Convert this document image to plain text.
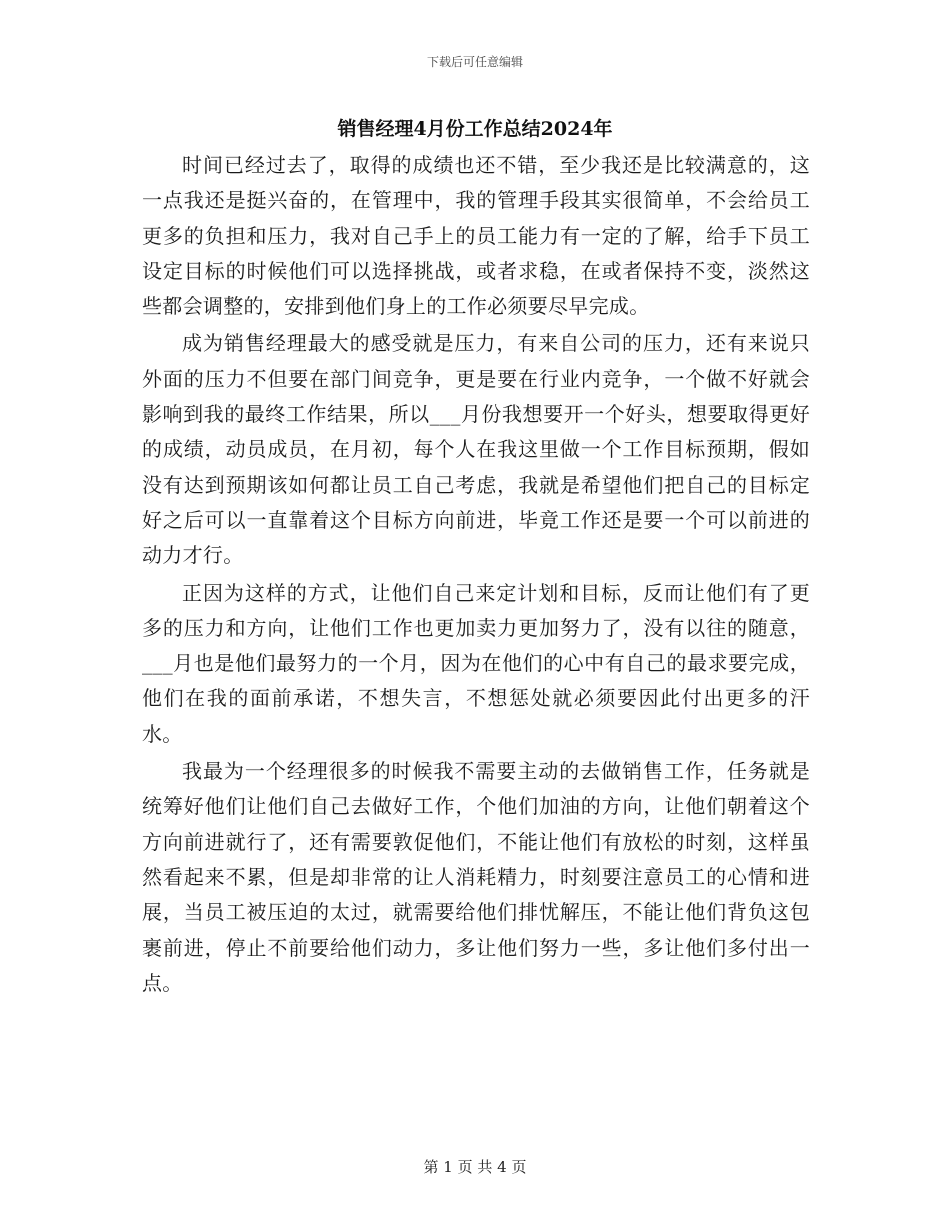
下载后可任意编辑
销售经理4月份工作总结2024年

时间已经过去了，取得的成绩也还不错，至少我还是比较满意的，这一点我还是挺兴奋的，在管理中，我的管理手段其实很简单，不会给员工更多的负担和压力，我对自己手上的员工能力有一定的了解，给手下员工设定目标的时候他们可以选择挑战，或者求稳，在或者保持不变，淡然这些都会调整的，安排到他们身上的工作必须要尽早完成。

成为销售经理最大的感受就是压力，有来自公司的压力，还有来说只外面的压力不但要在部门间竞争，更是要在行业内竞争，一个做不好就会影响到我的最终工作结果，所以___月份我想要开一个好头，想要取得更好的成绩，动员成员，在月初，每个人在我这里做一个工作目标预期，假如没有达到预期该如何都让员工自己考虑，我就是希望他们把自己的目标定好之后可以一直靠着这个目标方向前进，毕竟工作还是要一个可以前进的动力才行。

正因为这样的方式，让他们自己来定计划和目标，反而让他们有了更多的压力和方向，让他们工作也更加卖力更加努力了，没有以往的随意，___月也是他们最努力的一个月，因为在他们的心中有自己的最求要完成，他们在我的面前承诺，不想失言，不想惩处就必须要因此付出更多的汗水。

我最为一个经理很多的时候我不需要主动的去做销售工作，任务就是统筹好他们让他们自己去做好工作，个他们加油的方向，让他们朝着这个方向前进就行了，还有需要敦促他们，不能让他们有放松的时刻，这样虽然看起来不累，但是却非常的让人消耗精力，时刻要注意员工的心情和进展，当员工被压迫的太过，就需要给他们排忧解压，不能让他们背负这包裹前进，停止不前要给他们动力，多让他们努力一些，多让他们多付出一点。

第 1 页 共 4 页
